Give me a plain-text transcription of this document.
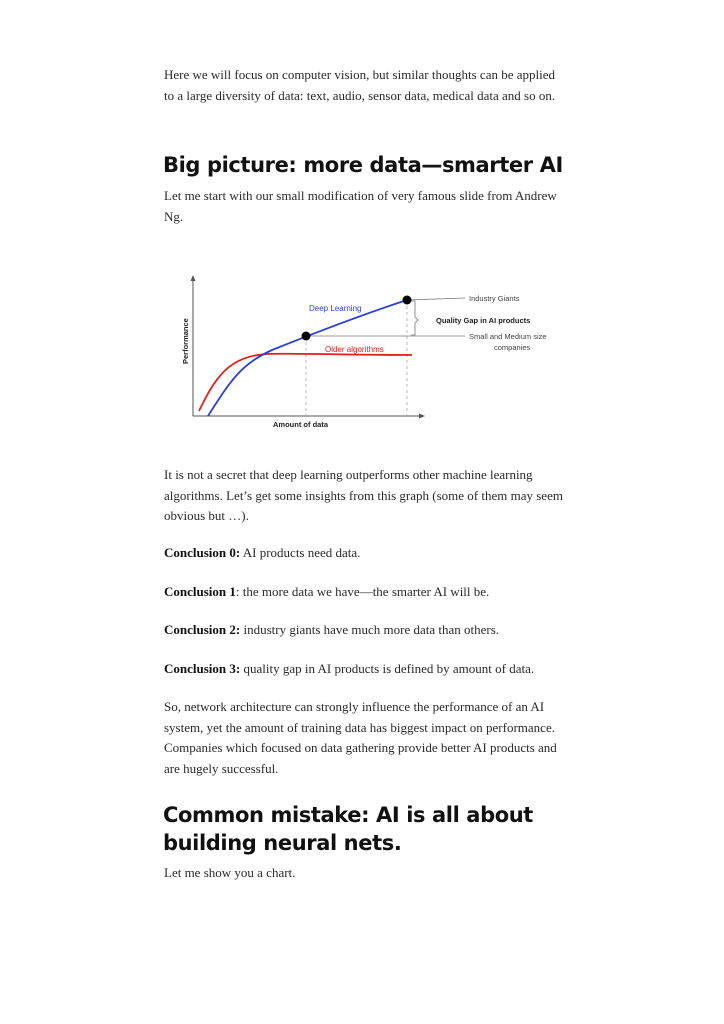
Here we will focus on computer vision, but similar thoughts can be applied to a large diversity of data: text, audio, sensor data, medical data and so on.

Big picture: more data—smarter AI

Let me start with our small modification of very famous slide from Andrew Ng.

Deep Learning
Older algorithms
Industry Giants
Quality Gap in AI products
Small and Medium size
companies
Amount of data
Performance

It is not a secret that deep learning outperforms other machine learning algorithms. Let’s get some insights from this graph (some of them may seem obvious but …).

Conclusion 0: AI products need data.

Conclusion 1: the more data we have—the smarter AI will be.

Conclusion 2: industry giants have much more data than others.

Conclusion 3: quality gap in AI products is defined by amount of data.

So, network architecture can strongly influence the performance of an AI system, yet the amount of training data has biggest impact on performance. Companies which focused on data gathering provide better AI products and are hugely successful.

Common mistake: AI is all about building neural nets.

Let me show you a chart.
